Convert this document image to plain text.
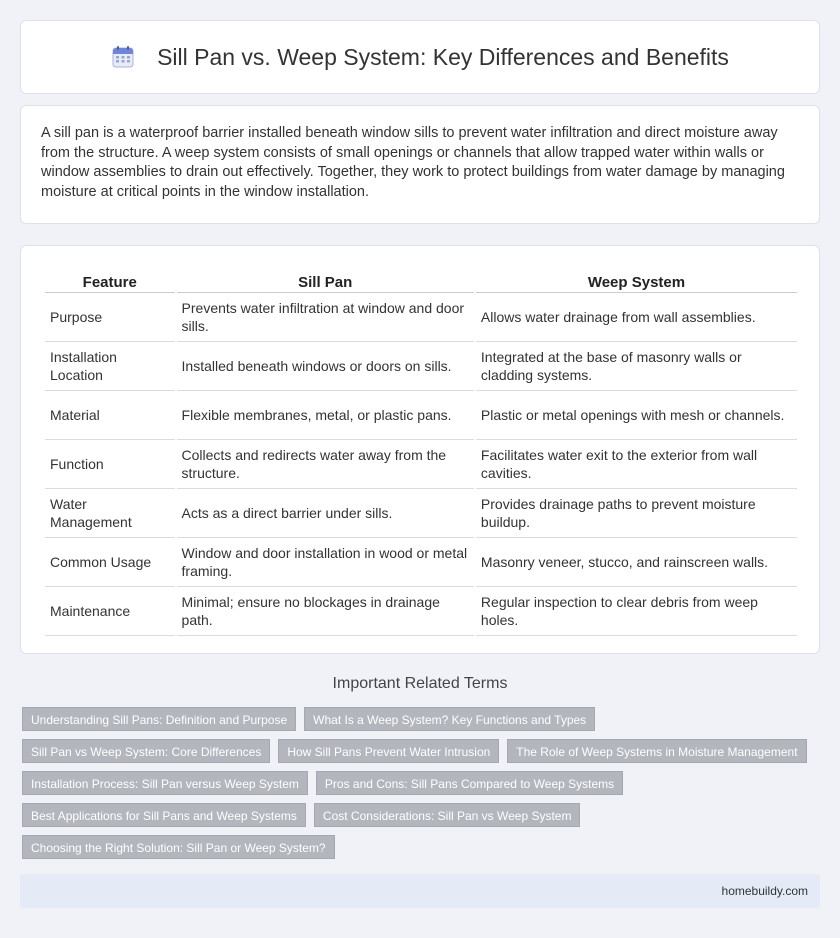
Sill Pan vs. Weep System: Key Differences and Benefits

A sill pan is a waterproof barrier installed beneath window sills to prevent water infiltration and direct moisture away from the structure. A weep system consists of small openings or channels that allow trapped water within walls or window assemblies to drain out effectively. Together, they work to protect buildings from water damage by managing moisture at critical points in the window installation.

Feature	Sill Pan	Weep System
Purpose	Prevents water infiltration at window and door sills.	Allows water drainage from wall assemblies.
Installation Location	Installed beneath windows or doors on sills.	Integrated at the base of masonry walls or cladding systems.
Material	Flexible membranes, metal, or plastic pans.	Plastic or metal openings with mesh or channels.
Function	Collects and redirects water away from the structure.	Facilitates water exit to the exterior from wall cavities.
Water Management	Acts as a direct barrier under sills.	Provides drainage paths to prevent moisture buildup.
Common Usage	Window and door installation in wood or metal framing.	Masonry veneer, stucco, and rainscreen walls.
Maintenance	Minimal; ensure no blockages in drainage path.	Regular inspection to clear debris from weep holes.
Important Related Terms
Understanding Sill Pans: Definition and Purpose	What Is a Weep System? Key Functions and Types
Sill Pan vs Weep System: Core Differences	How Sill Pans Prevent Water Intrusion	The Role of Weep Systems in Moisture Management
Installation Process: Sill Pan versus Weep System	Pros and Cons: Sill Pans Compared to Weep Systems
Best Applications for Sill Pans and Weep Systems	Cost Considerations: Sill Pan vs Weep System
Choosing the Right Solution: Sill Pan or Weep System?
homebuildy.com
